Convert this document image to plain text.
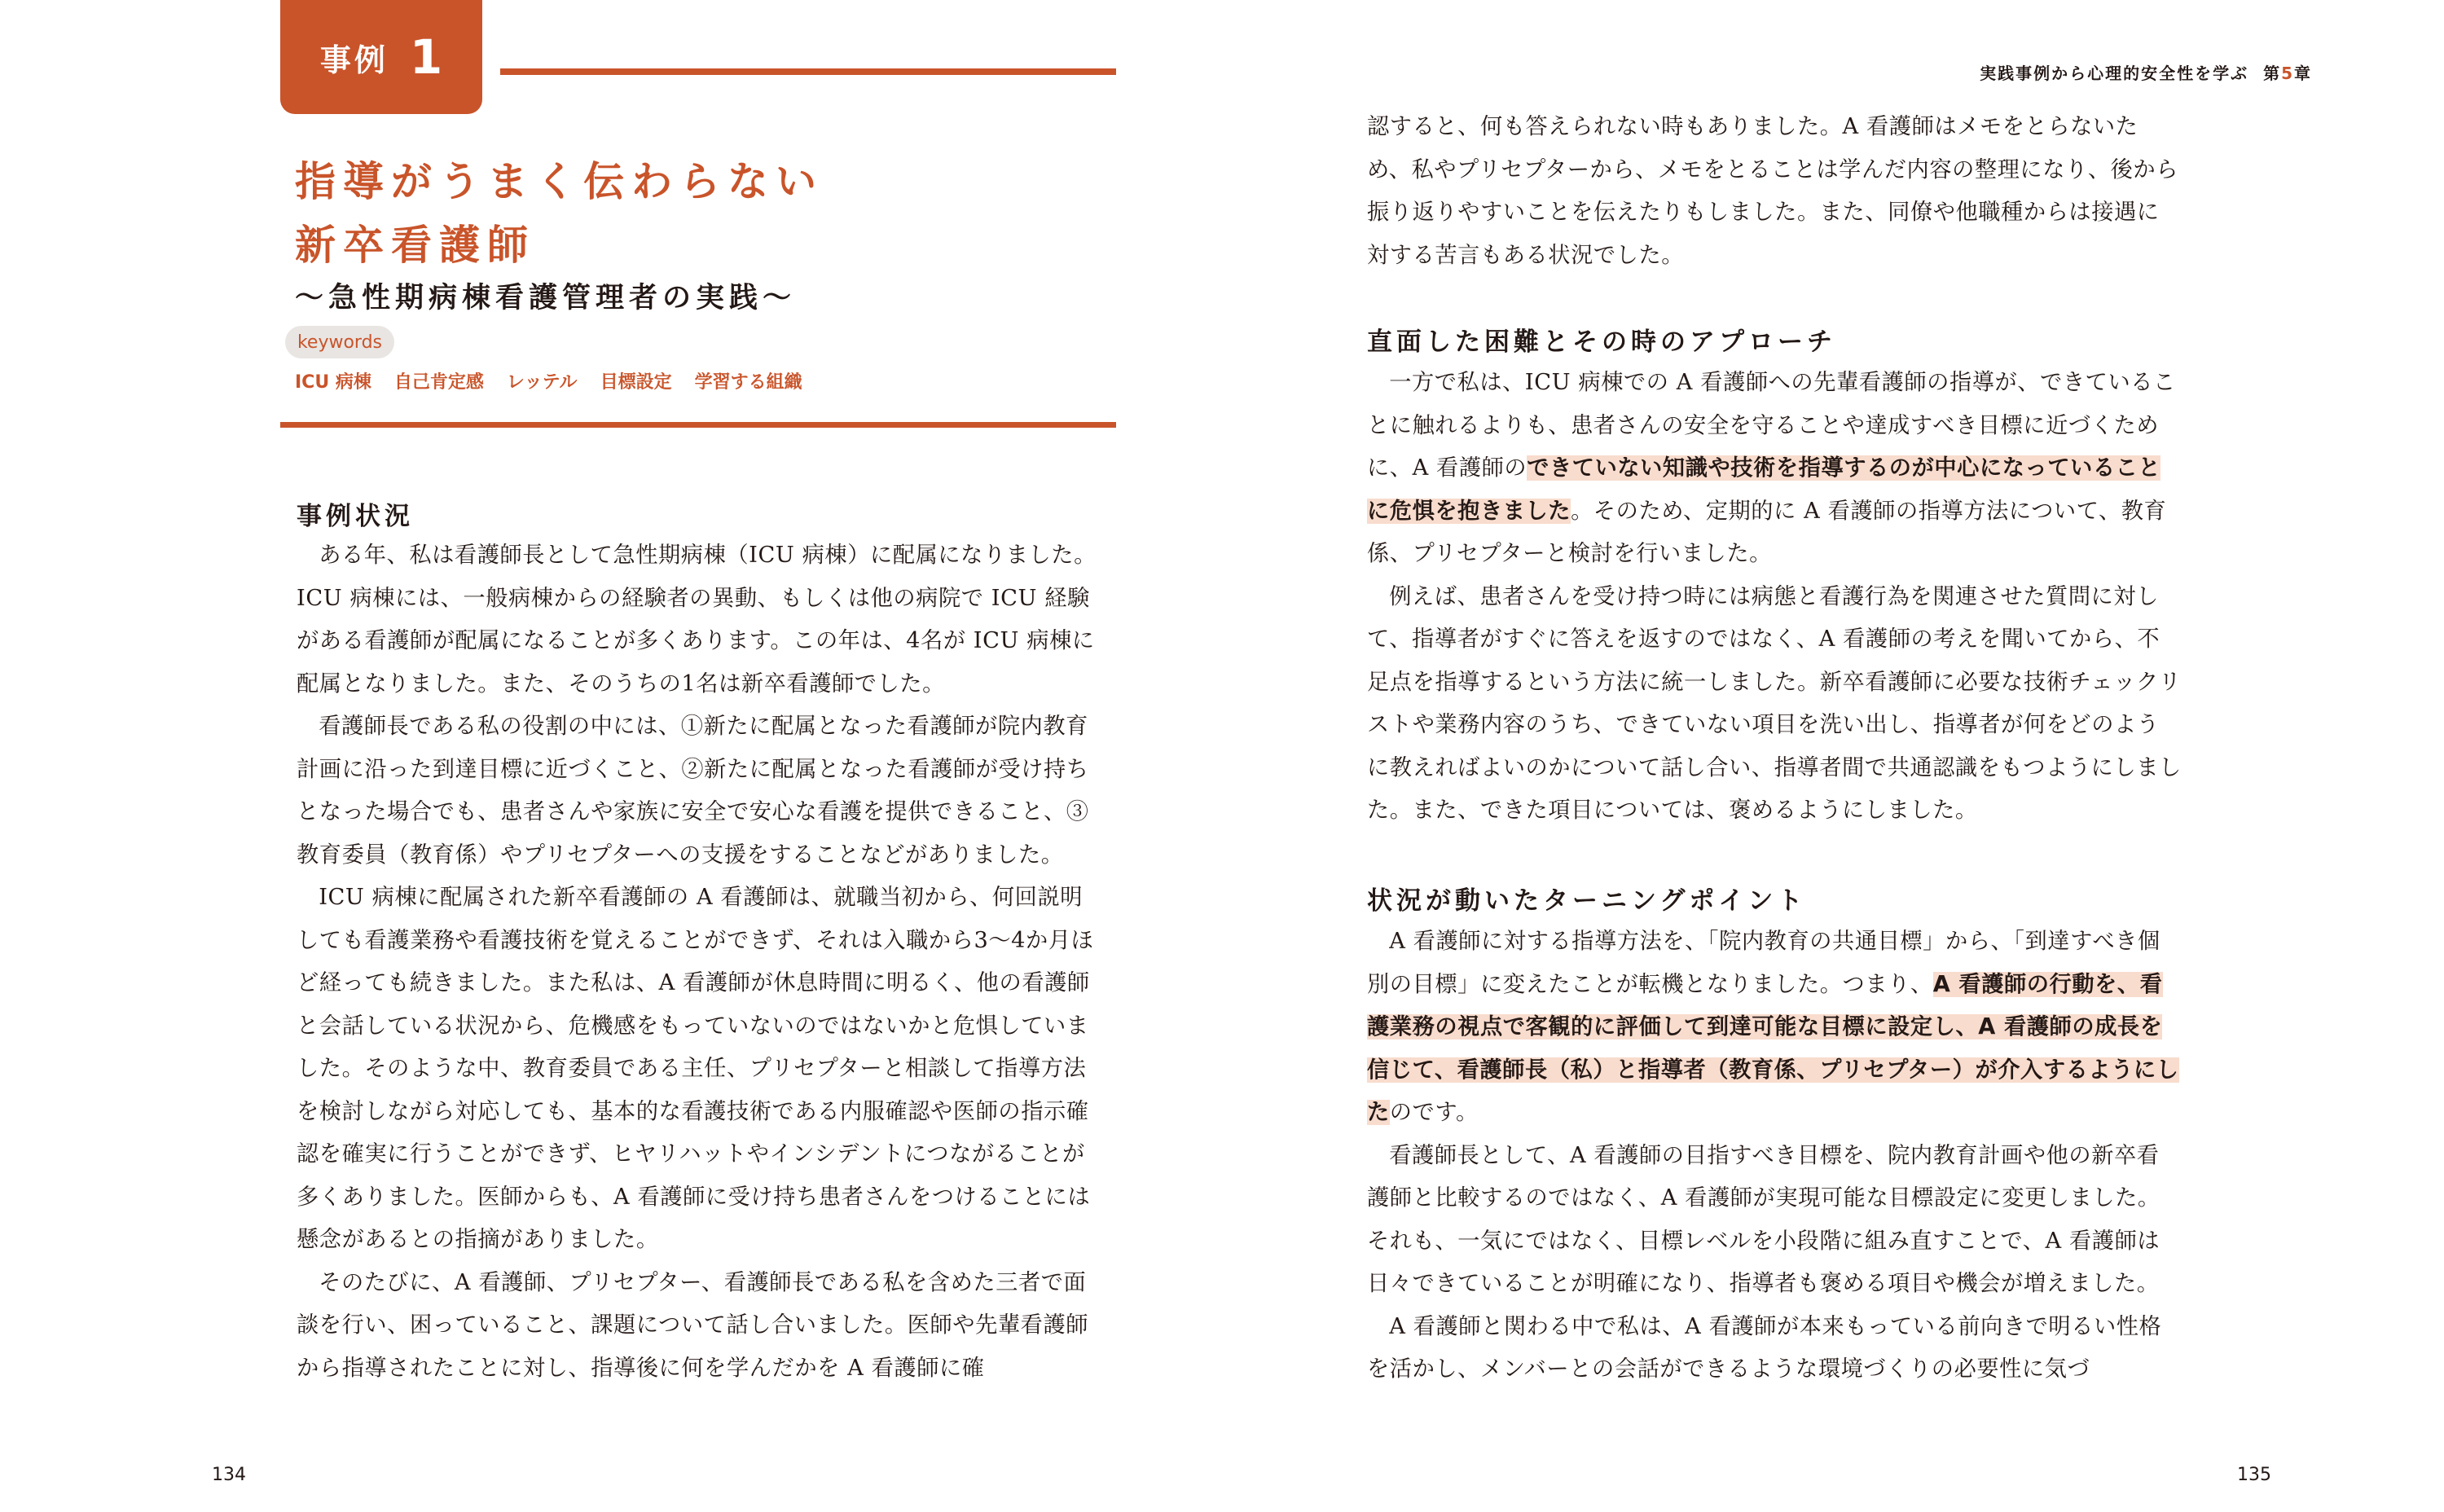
事例 1
指導がうまく伝わらない
新卒看護師
〜急性期病棟看護管理者の実践〜
keywords
ICU 病棟 自己肯定感 レッテル 目標設定 学習する組織
事例状況

ある年、私は看護師長として急性期病棟（ICU 病棟）に配属になりました。ICU 病棟には、一般病棟からの経験者の異動、もしくは他の病院で ICU 経験がある看護師が配属になることが多くあります。この年は、4名が ICU 病棟に配属となりました。また、そのうちの1名は新卒看護師でした。

看護師長である私の役割の中には、①新たに配属となった看護師が院内教育計画に沿った到達目標に近づくこと、②新たに配属となった看護師が受け持ちとなった場合でも、患者さんや家族に安全で安心な看護を提供できること、③教育委員（教育係）やプリセプターへの支援をすることなどがありました。

ICU 病棟に配属された新卒看護師の A 看護師は、就職当初から、何回説明しても看護業務や看護技術を覚えることができず、それは入職から3〜4か月ほど経っても続きました。また私は、A 看護師が休息時間に明るく、他の看護師と会話している状況から、危機感をもっていないのではないかと危惧していました。そのような中、教育委員である主任、プリセプターと相談して指導方法を検討しながら対応しても、基本的な看護技術である内服確認や医師の指示確認を確実に行うことができず、ヒヤリハットやインシデントにつながることが多くありました。医師からも、A 看護師に受け持ち患者さんをつけることには懸念があるとの指摘がありました。

そのたびに、A 看護師、プリセプター、看護師長である私を含めた三者で面談を行い、困っていること、課題について話し合いました。医師や先輩看護師から指導されたことに対し、指導後に何を学んだかを A 看護師に確

134
実践事例から心理的安全性を学ぶ 第5章

認すると、何も答えられない時もありました。A 看護師はメモをとらないため、私やプリセプターから、メモをとることは学んだ内容の整理になり、後から振り返りやすいことを伝えたりもしました。また、同僚や他職種からは接遇に対する苦言もある状況でした。

直面した困難とその時のアプローチ

一方で私は、ICU 病棟での A 看護師への先輩看護師の指導が、できていることに触れるよりも、患者さんの安全を守ることや達成すべき目標に近づくために、A 看護師のできていない知識や技術を指導するのが中心になっていることに危惧を抱きました。そのため、定期的に A 看護師の指導方法について、教育係、プリセプターと検討を行いました。

例えば、患者さんを受け持つ時には病態と看護行為を関連させた質問に対して、指導者がすぐに答えを返すのではなく、A 看護師の考えを聞いてから、不足点を指導するという方法に統一しました。新卒看護師に必要な技術チェックリストや業務内容のうち、できていない項目を洗い出し、指導者が何をどのように教えればよいのかについて話し合い、指導者間で共通認識をもつようにしました。また、できた項目については、褒めるようにしました。

状況が動いたターニングポイント

A 看護師に対する指導方法を、「院内教育の共通目標」から、「到達すべき個別の目標」に変えたことが転機となりました。つまり、A 看護師の行動を、看護業務の視点で客観的に評価して到達可能な目標に設定し、A 看護師の成長を信じて、看護師長（私）と指導者（教育係、プリセプター）が介入するようにしたのです。

看護師長として、A 看護師の目指すべき目標を、院内教育計画や他の新卒看護師と比較するのではなく、A 看護師が実現可能な目標設定に変更しました。それも、一気にではなく、目標レベルを小段階に組み直すことで、A 看護師は日々できていることが明確になり、指導者も褒める項目や機会が増えました。

A 看護師と関わる中で私は、A 看護師が本来もっている前向きで明るい性格を活かし、メンバーとの会話ができるような環境づくりの必要性に気づ

135
